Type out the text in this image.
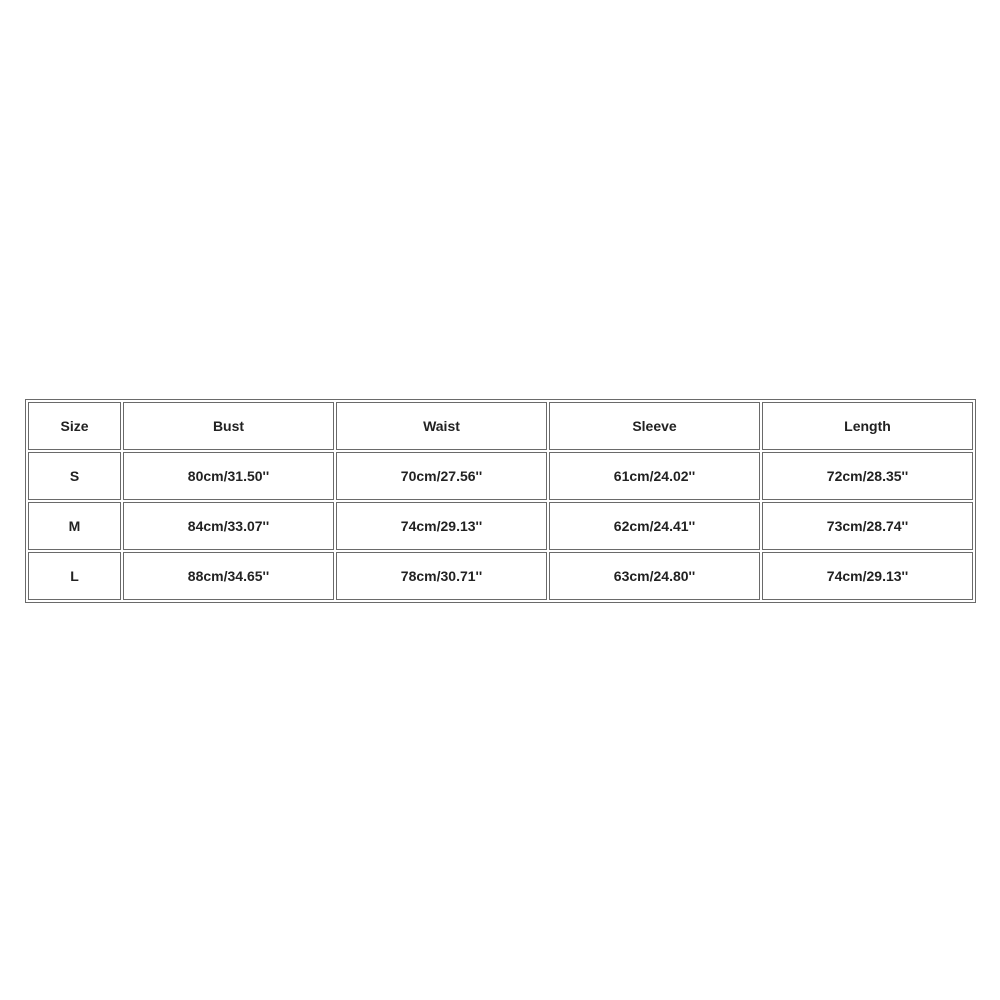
Size	Bust	Waist	Sleeve	Length
S	80cm/31.50''	70cm/27.56''	61cm/24.02''	72cm/28.35''
M	84cm/33.07''	74cm/29.13''	62cm/24.41''	73cm/28.74''
L	88cm/34.65''	78cm/30.71''	63cm/24.80''	74cm/29.13''
